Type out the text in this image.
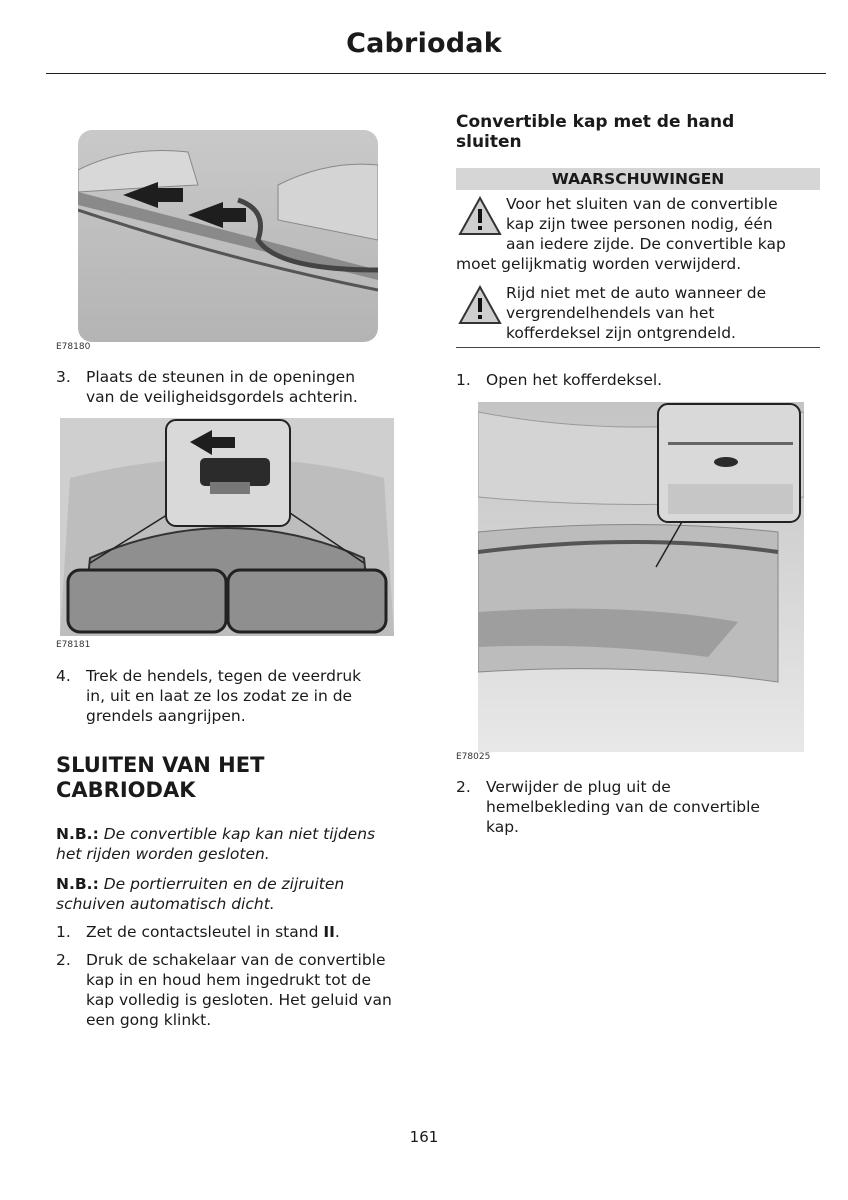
Cabriodak
E78180
3. Plaats de steunen in de openingen
van de veiligheidsgordels achterin.
E78181
4. Trek de hendels, tegen de veerdruk
in, uit en laat ze los zodat ze in de
grendels aangrijpen.
SLUITEN VAN HET
CABRIODAK
N.B.: De convertible kap kan niet tijdens
het rijden worden gesloten.
N.B.: De portierruiten en de zijruiten
schuiven automatisch dicht.
1. Zet de contactsleutel in stand II.
2. Druk de schakelaar van de convertible
kap in en houd hem ingedrukt tot de
kap volledig is gesloten. Het geluid van
een gong klinkt.
Convertible kap met de hand
sluiten
WAARSCHUWINGEN
Voor het sluiten van de convertible
kap zijn twee personen nodig, één
aan iedere zijde. De convertible kap
moet gelijkmatig worden verwijderd.
Rijd niet met de auto wanneer de
vergrendelhendels van het
kofferdeksel zijn ontgrendeld.
1. Open het kofferdeksel.
E78025
2. Verwijder de plug uit de
hemelbekleding van de convertible
kap.
161
